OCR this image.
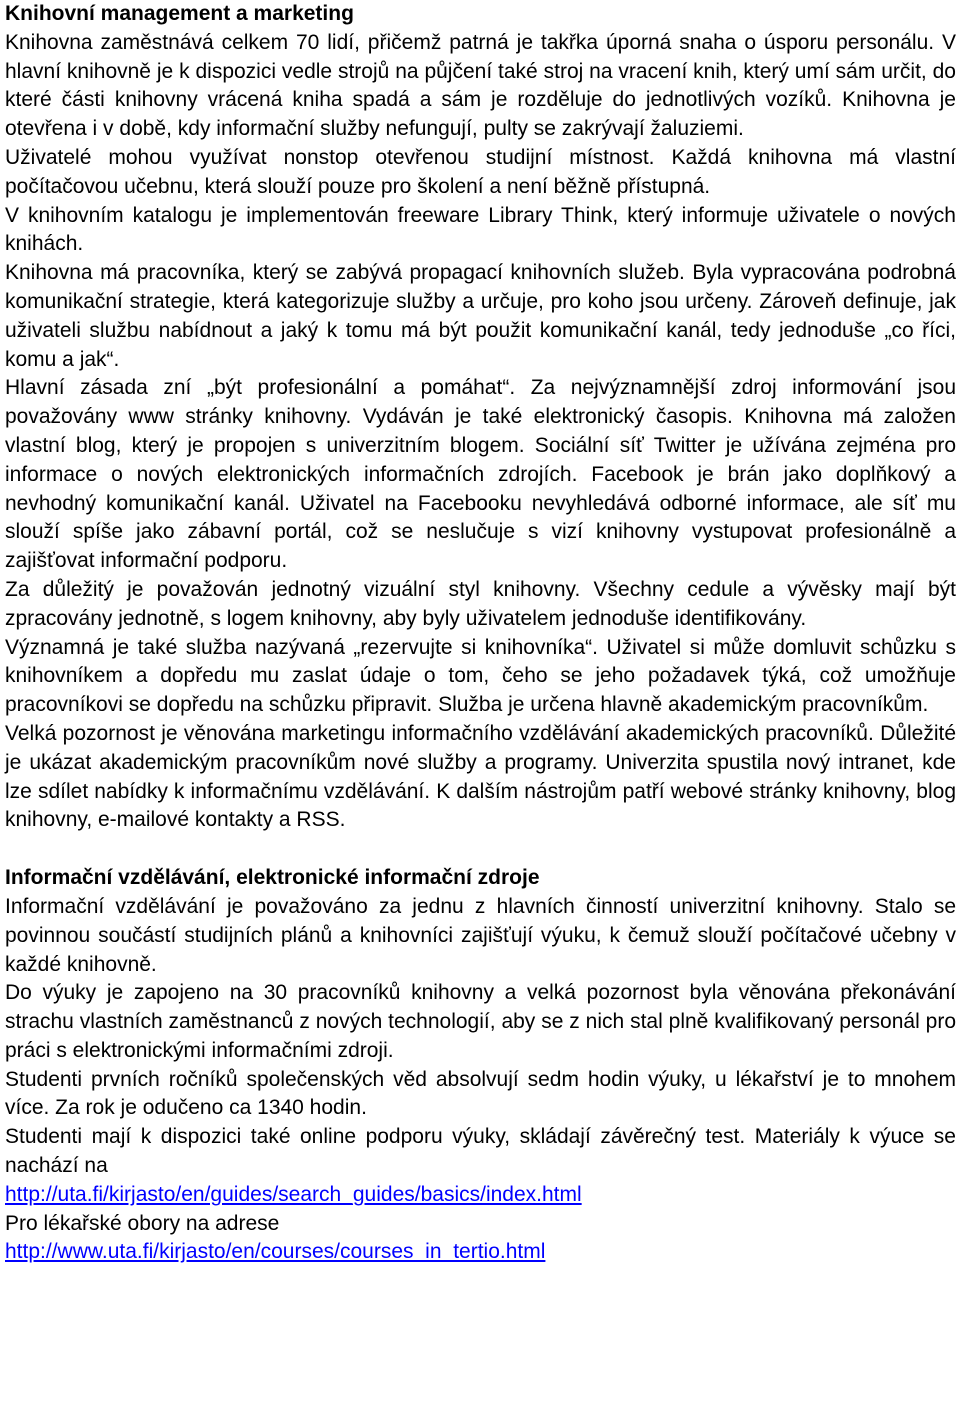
Knihovní management a marketing

Knihovna zaměstnává celkem 70 lidí, přičemž patrná je takřka úporná snaha o úsporu personálu. V hlavní knihovně je k dispozici vedle strojů na půjčení také stroj na vracení knih, který umí sám určit, do které části knihovny vrácená kniha spadá a sám je rozděluje do jednotlivých vozíků. Knihovna je otevřena i v době, kdy informační služby nefungují, pulty se zakrývají žaluziemi.

Uživatelé mohou využívat nonstop otevřenou studijní místnost. Každá knihovna má vlastní počítačovou učebnu, která slouží pouze pro školení a není běžně přístupná.

V knihovním katalogu je implementován freeware Library Think, který informuje uživatele o nových knihách.

Knihovna má pracovníka, který se zabývá propagací knihovních služeb. Byla vypracována podrobná komunikační strategie, která kategorizuje služby a určuje, pro koho jsou určeny. Zároveň definuje, jak uživateli službu nabídnout a jaký k tomu má být použit komunikační kanál, tedy jednoduše „co říci, komu a jak“.

Hlavní zásada zní „být profesionální a pomáhat“. Za nejvýznamnější zdroj informování jsou považovány www stránky knihovny. Vydáván je také elektronický časopis. Knihovna má založen vlastní blog, který je propojen s univerzitním blogem. Sociální síť Twitter je užívána zejména pro informace o nových elektronických informačních zdrojích. Facebook je brán jako doplňkový a nevhodný komunikační kanál. Uživatel na Facebooku nevyhledává odborné informace, ale síť mu slouží spíše jako zábavní portál, což se neslučuje s vizí knihovny vystupovat profesionálně a zajišťovat informační podporu.

Za důležitý je považován jednotný vizuální styl knihovny. Všechny cedule a vývěsky mají být zpracovány jednotně, s logem knihovny, aby byly uživatelem jednoduše identifikovány.

Významná je také služba nazývaná „rezervujte si knihovníka“. Uživatel si může domluvit schůzku s knihovníkem a dopředu mu zaslat údaje o tom, čeho se jeho požadavek týká, což umožňuje pracovníkovi se dopředu na schůzku připravit. Služba je určena hlavně akademickým pracovníkům.

Velká pozornost je věnována marketingu informačního vzdělávání akademických pracovníků. Důležité je ukázat akademickým pracovníkům nové služby a programy. Univerzita spustila nový intranet, kde lze sdílet nabídky k informačnímu vzdělávání. K dalším nástrojům patří webové stránky knihovny, blog knihovny, e-mailové kontakty a RSS.

Informační vzdělávání, elektronické informační zdroje

Informační vzdělávání je považováno za jednu z hlavních činností univerzitní knihovny. Stalo se povinnou součástí studijních plánů a knihovníci zajišťují výuku, k čemuž slouží počítačové učebny v každé knihovně.

Do výuky je zapojeno na 30 pracovníků knihovny a velká pozornost byla věnována překonávání strachu vlastních zaměstnanců z nových technologií, aby se z nich stal plně kvalifikovaný personál pro práci s elektronickými informačními zdroji.

Studenti prvních ročníků společenských věd absolvují sedm hodin výuky, u lékařství je to mnohem více. Za rok je odučeno ca 1340 hodin.

Studenti mají k dispozici také online podporu výuky, skládají závěrečný test. Materiály k výuce se nachází na

http://uta.fi/kirjasto/en/guides/search_guides/basics/index.html

Pro lékařské obory na adrese

http://www.uta.fi/kirjasto/en/courses/courses_in_tertio.html
